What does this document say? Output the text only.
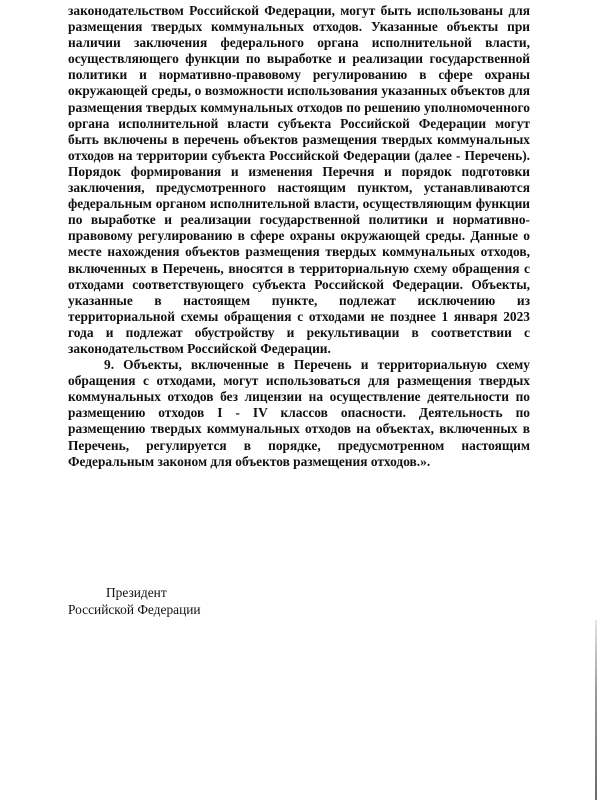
законодательством Российской Федерации, могут быть использованы для размещения твердых коммунальных отходов. Указанные объекты при наличии заключения федерального органа исполнительной власти, осуществляющего функции по выработке и реализации государственной политики и нормативно-правовому регулированию в сфере охраны окружающей среды, о возможности использования указанных объектов для размещения твердых коммунальных отходов по решению уполномоченного органа исполнительной власти субъекта Российской Федерации могут быть включены в перечень объектов размещения твердых коммунальных отходов на территории субъекта Российской Федерации (далее - Перечень). Порядок формирования и изменения Перечня и порядок подготовки заключения, предусмотренного настоящим пунктом, устанавливаются федеральным органом исполнительной власти, осуществляющим функции по выработке и реализации государственной политики и нормативно-правовому регулированию в сфере охраны окружающей среды. Данные о месте нахождения объектов размещения твердых коммунальных отходов, включенных в Перечень, вносятся в территориальную схему обращения с отходами соответствующего субъекта Российской Федерации. Объекты, указанные в настоящем пункте, подлежат исключению из территориальной схемы обращения с отходами не позднее 1 января 2023 года и подлежат обустройству и рекультивации в соответствии с законодательством Российской Федерации.

9. Объекты, включенные в Перечень и территориальную схему обращения с отходами, могут использоваться для размещения твердых коммунальных отходов без лицензии на осуществление деятельности по размещению отходов I - IV классов опасности. Деятельность по размещению твердых коммунальных отходов на объектах, включенных в Перечень, регулируется в порядке, предусмотренном настоящим Федеральным законом для объектов размещения отходов.».

Президент
Российской Федерации
